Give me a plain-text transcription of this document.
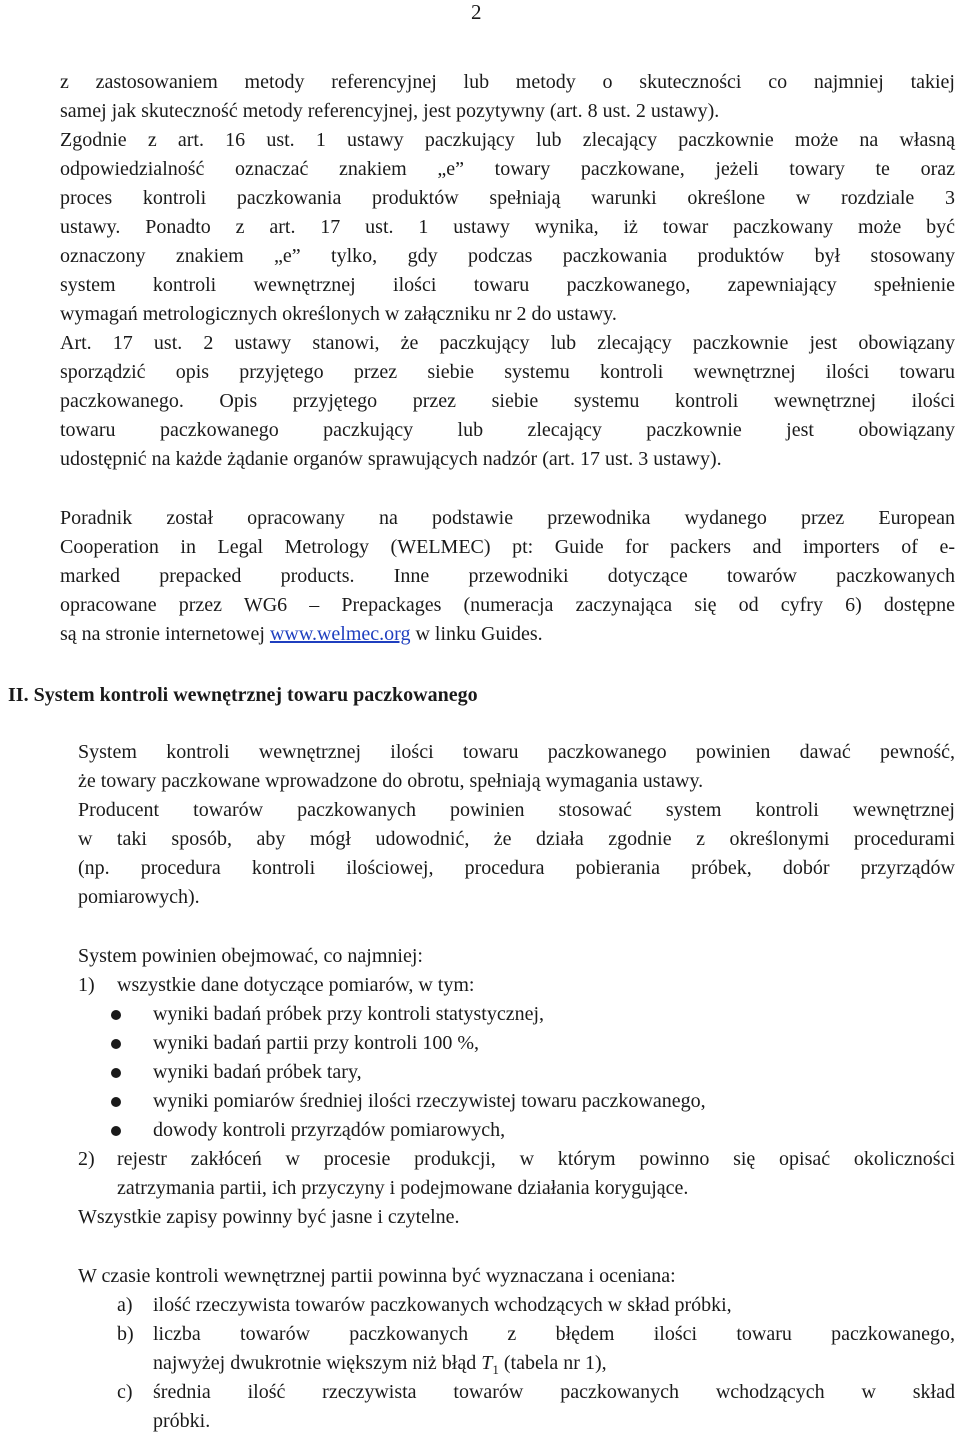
2
z zastosowaniem metody referencyjnej lub metody o skuteczności co najmniej takiej
samej jak skuteczność metody referencyjnej, jest pozytywny (art. 8 ust. 2 ustawy).
Zgodnie z art. 16 ust. 1 ustawy paczkujący lub zlecający paczkownie może na własną
odpowiedzialność oznaczać znakiem „e” towary paczkowane, jeżeli towary te oraz
proces kontroli paczkowania produktów spełniają warunki określone w rozdziale 3
ustawy. Ponadto z art. 17 ust. 1 ustawy wynika, iż towar paczkowany może być
oznaczony znakiem „e” tylko, gdy podczas paczkowania produktów był stosowany
system kontroli wewnętrznej ilości towaru paczkowanego, zapewniający spełnienie
wymagań metrologicznych określonych w załączniku nr 2 do ustawy.
Art. 17 ust. 2 ustawy stanowi, że paczkujący lub zlecający paczkownie jest obowiązany
sporządzić opis przyjętego przez siebie systemu kontroli wewnętrznej ilości towaru
paczkowanego. Opis przyjętego przez siebie systemu kontroli wewnętrznej ilości
towaru paczkowanego paczkujący lub zlecający paczkownie jest obowiązany
udostępnić na każde żądanie organów sprawujących nadzór (art. 17 ust. 3 ustawy).
Poradnik został opracowany na podstawie przewodnika wydanego przez European
Cooperation in Legal Metrology (WELMEC) pt: Guide for packers and importers of e-
marked prepacked products. Inne przewodniki dotyczące towarów paczkowanych
opracowane przez WG6 – Prepackages (numeracja zaczynająca się od cyfry 6) dostępne
są na stronie internetowej www.welmec.org w linku Guides.
II. System kontroli wewnętrznej towaru paczkowanego
System kontroli wewnętrznej ilości towaru paczkowanego powinien dawać pewność,
że towary paczkowane wprowadzone do obrotu, spełniają wymagania ustawy.
Producent towarów paczkowanych powinien stosować system kontroli wewnętrznej
w taki sposób, aby mógł udowodnić, że działa zgodnie z określonymi procedurami
(np. procedura kontroli ilościowej, procedura pobierania próbek, dobór przyrządów
pomiarowych).
System powinien obejmować, co najmniej:
1) wszystkie dane dotyczące pomiarów, w tym:
wyniki badań próbek przy kontroli statystycznej,
wyniki badań partii przy kontroli 100 %,
wyniki badań próbek tary,
wyniki pomiarów średniej ilości rzeczywistej towaru paczkowanego,
dowody kontroli przyrządów pomiarowych,
2) rejestr zakłóceń w procesie produkcji, w którym powinno się opisać okoliczności
zatrzymania partii, ich przyczyny i podejmowane działania korygujące.
Wszystkie zapisy powinny być jasne i czytelne.
W czasie kontroli wewnętrznej partii powinna być wyznaczana i oceniana:
a) ilość rzeczywista towarów paczkowanych wchodzących w skład próbki,
b) liczba towarów paczkowanych z błędem ilości towaru paczkowanego,
najwyżej dwukrotnie większym niż błąd $T_1$ (tabela nr 1),
c) średnia ilość rzeczywista towarów paczkowanych wchodzących w skład
próbki.
